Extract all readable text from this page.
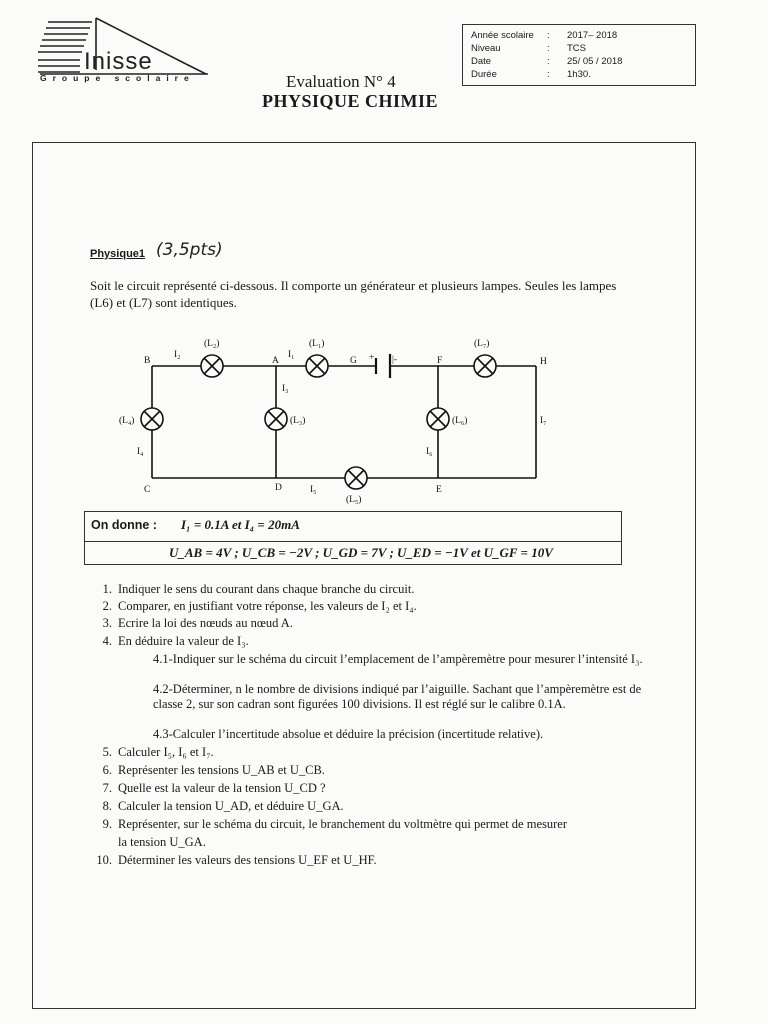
Inisse
Groupe scolaire
Année scolaire	: 2017– 2018
Niveau	: TCS
Date	: 25/ 05 / 2018
Durée	: 1h30.
Evaluation N° 4
PHYSIQUE CHIMIE
Physique1 (3,5pts)
Soit le circuit représenté ci-dessous. Il comporte un générateur et plusieurs lampes. Seules les lampes (L6) et (L7) sont identiques.
B	A	G	F	H
C	D	E
+ |-
(L₂)	(L₁)	(L₇)
(L₄)	(L₃)	(L₆)
(L₅)
I₂	I₁
I₃
I₇
I₄	I₆
I₅
On donne : I₁ = 0.1A et I₄ = 20mA
U_AB = 4V ; U_CB = −2V ; U_GD = 7V ; U_ED = −1V et U_GF = 10V
1. Indiquer le sens du courant dans chaque branche du circuit.
2. Comparer, en justifiant votre réponse, les valeurs de I₂ et I₄.
3. Ecrire la loi des nœuds au nœud A.
4. En déduire la valeur de I₃.
4.1-Indiquer sur le schéma du circuit l’emplacement de l’ampèremètre pour mesurer l’intensité I₃.
4.2-Déterminer, n le nombre de divisions indiqué par l’aiguille. Sachant que l’ampèremètre est de classe 2, sur son cadran sont figurées 100 divisions. Il est réglé sur le calibre 0.1A.
4.3-Calculer l’incertitude absolue et déduire la précision (incertitude relative).
5. Calculer I₅, I₆ et I₇.
6. Représenter les tensions U_AB et U_CB.
7. Quelle est la valeur de la tension U_CD ?
8. Calculer la tension U_AD, et déduire U_GA.
9. Représenter, sur le schéma du circuit, le branchement du voltmètre qui permet de mesurer
la tension U_GA.
10. Déterminer les valeurs des tensions U_EF et U_HF.
